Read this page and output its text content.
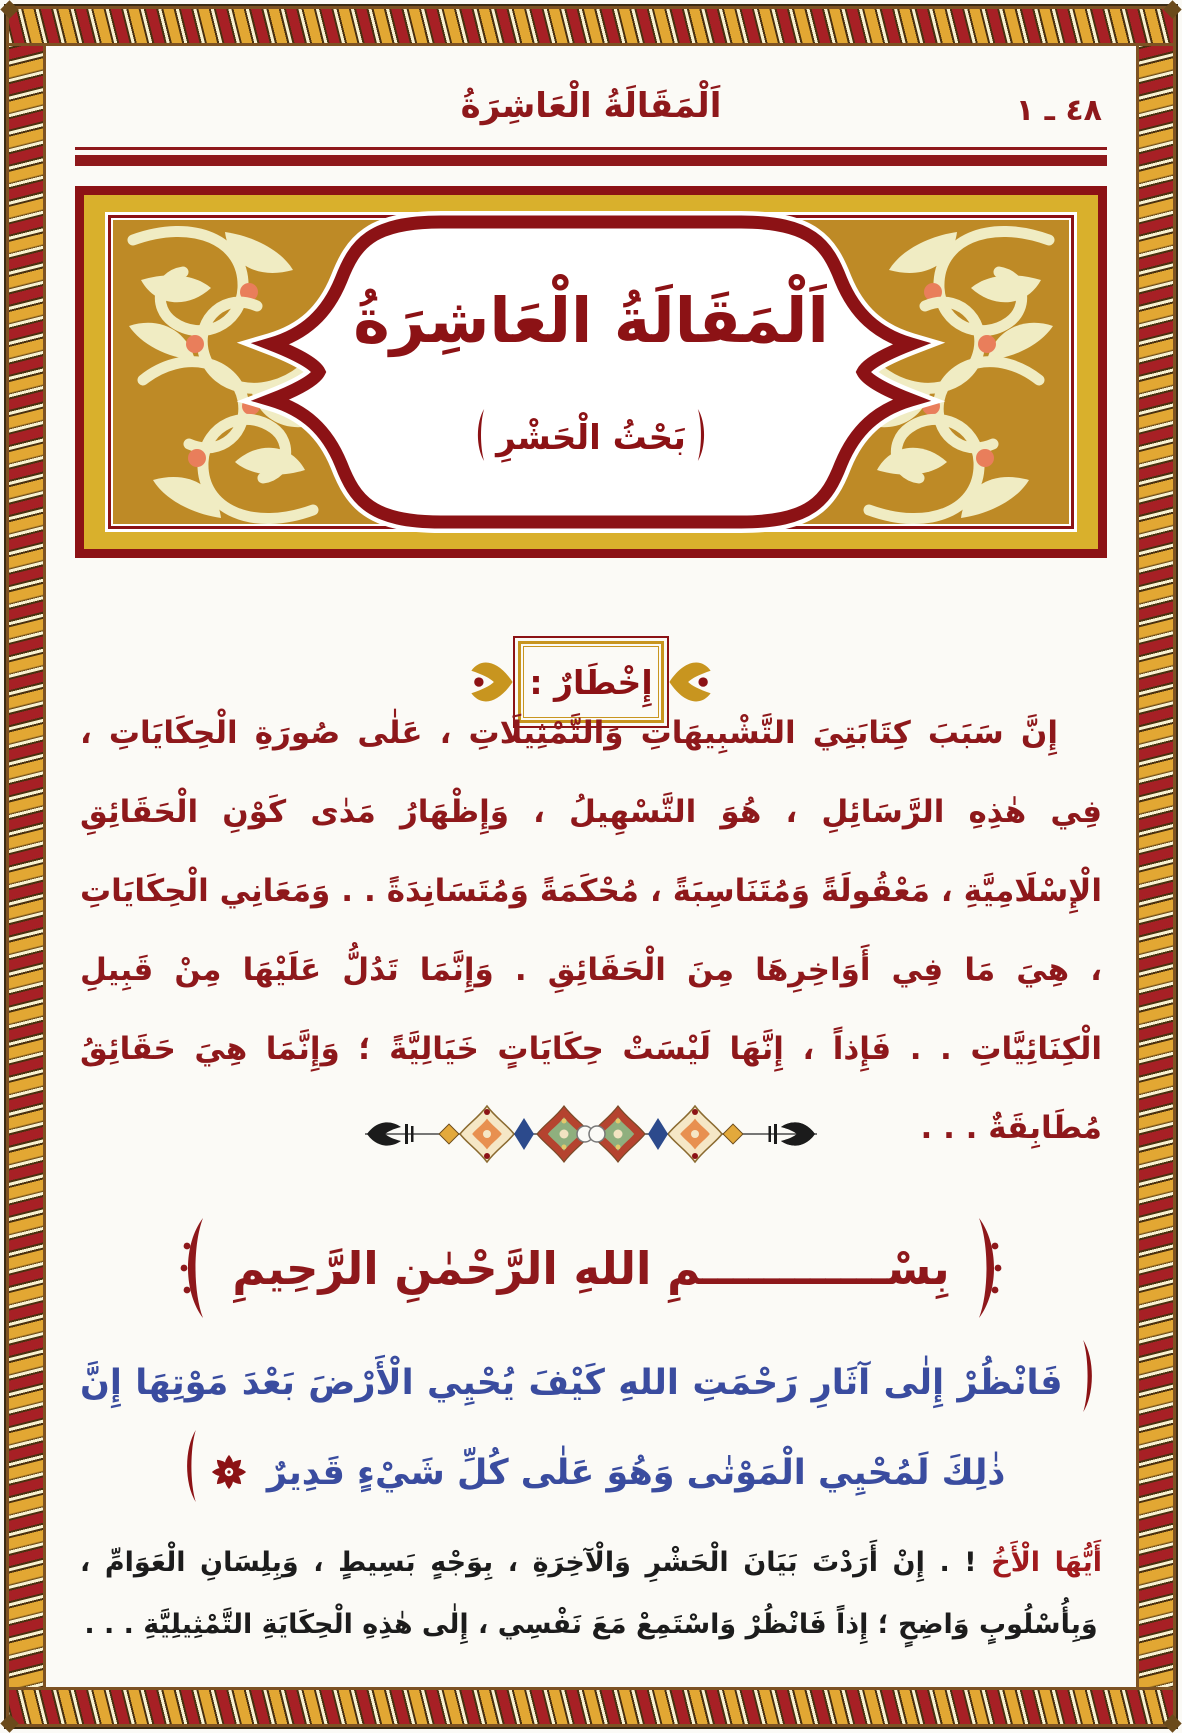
اَلْمَقَالَةُ الْعَاشِرَةُ	٤٨ ـ ١
اَلْمَقَالَةُ الْعَاشِرَةُ
بَحْثُ الْحَشْرِ
إِخْطَارٌ :

إِنَّ سَبَبَ كِتَابَتِيَ التَّشْبِيهَاتِ وَالتَّمْثِيلَاتِ ، عَلٰى صُورَةِ الْحِكَايَاتِ ، فِي هٰذِهِ الرَّسَائِلِ ، هُوَ التَّسْهِيلُ ، وَإِظْهَارُ مَدٰى كَوْنِ الْحَقَائِقِ الْإِسْلَامِيَّةِ ، مَعْقُولَةً وَمُتَنَاسِبَةً ، مُحْكَمَةً وَمُتَسَانِدَةً . . وَمَعَانِي الْحِكَايَاتِ ، هِيَ مَا فِي أَوَاخِرِهَا مِنَ الْحَقَائِقِ . وَإِنَّمَا تَدُلُّ عَلَيْهَا مِنْ قَبِيلِ الْكِنَائِيَّاتِ . . فَإِذاً ، إِنَّهَا لَيْسَتْ حِكَايَاتٍ خَيَالِيَّةً ؛ وَإِنَّمَا هِيَ حَقَائِقُ مُطَابِقَةٌ . . .

بِسْــــــــــــمِ اللهِ الرَّحْمٰنِ الرَّحِيمِ

فَانْظُرْ إِلٰى آثَارِ رَحْمَتِ اللهِ كَيْفَ يُحْيِي الْأَرْضَ بَعْدَ مَوْتِهَا إِنَّ ذٰلِكَ لَمُحْيِي الْمَوْتٰى وَهُوَ عَلٰى كُلِّ شَيْءٍ قَدِيرٌ

أَيُّهَا الْأَخُ ! . إِنْ أَرَدْتَ بَيَانَ الْحَشْرِ وَالْآخِرَةِ ، بِوَجْهٍ بَسِيطٍ ، وَبِلِسَانِ الْعَوَامِّ ، وَبِأُسْلُوبٍ وَاضِحٍ ؛ إِذاً فَانْظُرْ وَاسْتَمِعْ مَعَ نَفْسِي ، إِلٰى هٰذِهِ الْحِكَايَةِ التَّمْثِيلِيَّةِ . . .
